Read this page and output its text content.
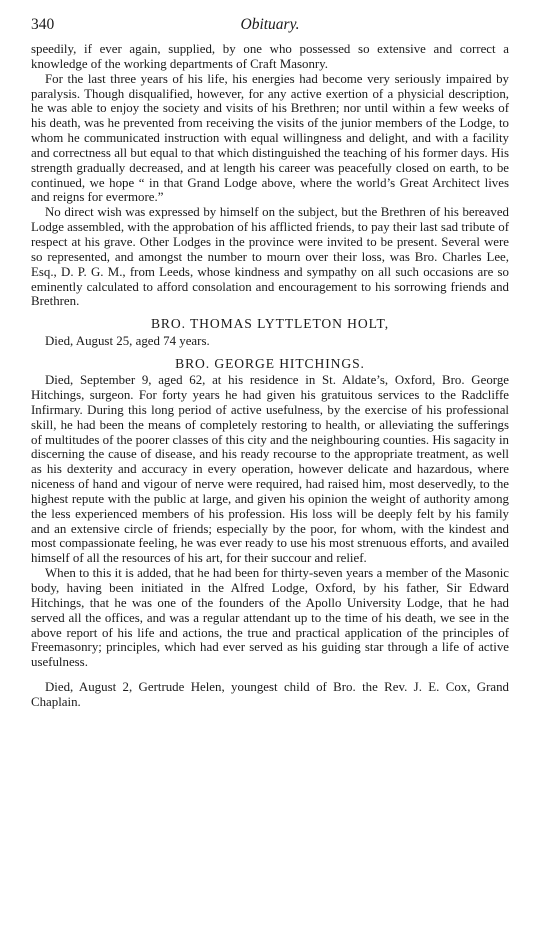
340	Obituary.

speedily, if ever again, supplied, by one who possessed so extensive and correct a knowledge of the working departments of Craft Masonry.

For the last three years of his life, his energies had become very seriously impaired by paralysis. Though disqualified, however, for any active exertion of a physicial description, he was able to enjoy the society and visits of his Brethren; nor until within a few weeks of his death, was he prevented from receiving the visits of the junior members of the Lodge, to whom he communicated instruction with equal willingness and delight, and with a facility and correctness all but equal to that which distinguished the teaching of his former days. His strength gradually decreased, and at length his career was peacefully closed on earth, to be continued, we hope “ in that Grand Lodge above, where the world’s Great Architect lives and reigns for evermore.”

No direct wish was expressed by himself on the subject, but the Brethren of his bereaved Lodge assembled, with the approbation of his afflicted friends, to pay their last sad tribute of respect at his grave. Other Lodges in the province were invited to be present. Several were so represented, and amongst the number to mourn over their loss, was Bro. Charles Lee, Esq., D. P. G. M., from Leeds, whose kindness and sympathy on all such occasions are so eminently calculated to afford consolation and encouragement to his sorrowing friends and Brethren.

BRO. THOMAS LYTTLETON HOLT,
Died, August 25, aged 74 years.
BRO. GEORGE HITCHINGS.

Died, September 9, aged 62, at his residence in St. Aldate’s, Oxford, Bro. George Hitchings, surgeon. For forty years he had given his gratuitous services to the Radcliffe Infirmary. During this long period of active usefulness, by the exercise of his professional skill, he had been the means of completely restoring to health, or alleviating the sufferings of multitudes of the poorer classes of this city and the neighbouring counties. His sagacity in discerning the cause of disease, and his ready recourse to the appropriate treatment, as well as his dexterity and accuracy in every operation, however delicate and hazardous, where niceness of hand and vigour of nerve were required, had raised him, most deservedly, to the highest repute with the public at large, and given his opinion the weight of authority among the less experienced members of his profession. His loss will be deeply felt by his family and an extensive circle of friends; especially by the poor, for whom, with the kindest and most compassionate feeling, he was ever ready to use his most strenuous efforts, and availed himself of all the resources of his art, for their succour and relief.

When to this it is added, that he had been for thirty-seven years a member of the Masonic body, having been initiated in the Alfred Lodge, Oxford, by his father, Sir Edward Hitchings, that he was one of the founders of the Apollo University Lodge, that he had served all the offices, and was a regular attendant up to the time of his death, we see in the above report of his life and actions, the true and practical application of the principles of Freemasonry; principles, which had ever served as his guiding star through a life of active usefulness.

Died, August 2, Gertrude Helen, youngest child of Bro. the Rev. J. E. Cox, Grand Chaplain.
